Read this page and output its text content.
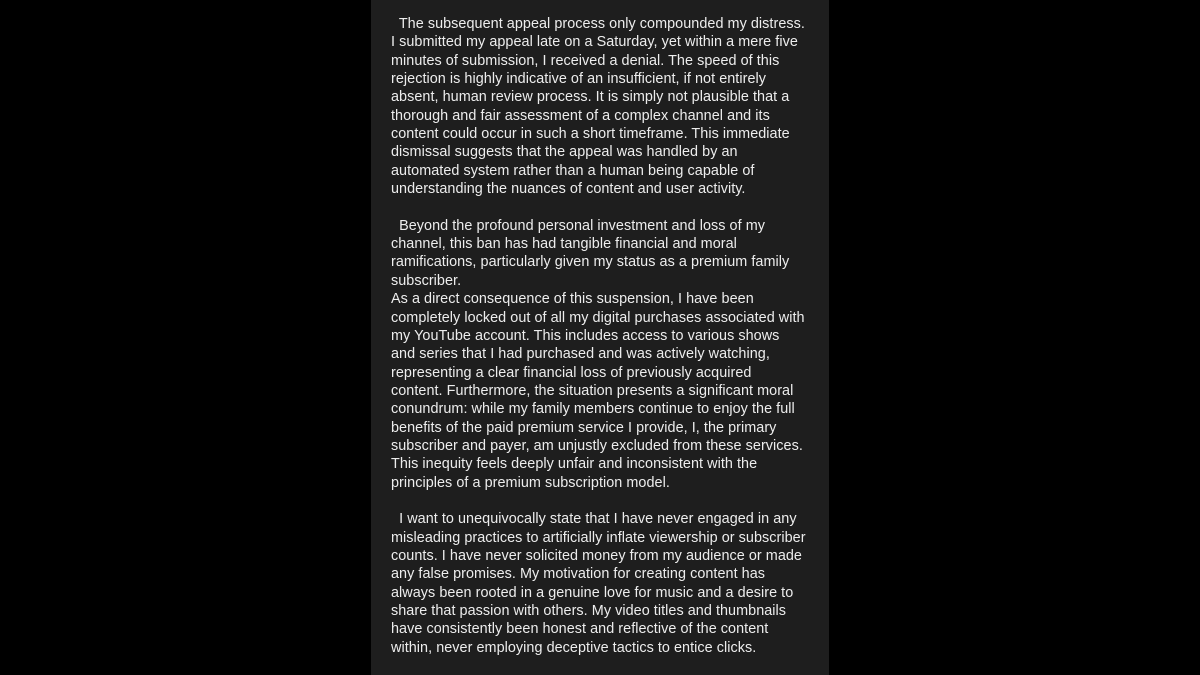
The subsequent appeal process only compounded my distress.
I submitted my appeal late on a Saturday, yet within a mere five
minutes of submission, I received a denial. The speed of this
rejection is highly indicative of an insufficient, if not entirely
absent, human review process. It is simply not plausible that a
thorough and fair assessment of a complex channel and its
content could occur in such a short timeframe. This immediate
dismissal suggests that the appeal was handled by an
automated system rather than a human being capable of
understanding the nuances of content and user activity.
Beyond the profound personal investment and loss of my
channel, this ban has had tangible financial and moral
ramifications, particularly given my status as a premium family
subscriber.
As a direct consequence of this suspension, I have been
completely locked out of all my digital purchases associated with
my YouTube account. This includes access to various shows
and series that I had purchased and was actively watching,
representing a clear financial loss of previously acquired
content. Furthermore, the situation presents a significant moral
conundrum: while my family members continue to enjoy the full
benefits of the paid premium service I provide, I, the primary
subscriber and payer, am unjustly excluded from these services.
This inequity feels deeply unfair and inconsistent with the
principles of a premium subscription model.
I want to unequivocally state that I have never engaged in any
misleading practices to artificially inflate viewership or subscriber
counts. I have never solicited money from my audience or made
any false promises. My motivation for creating content has
always been rooted in a genuine love for music and a desire to
share that passion with others. My video titles and thumbnails
have consistently been honest and reflective of the content
within, never employing deceptive tactics to entice clicks.
